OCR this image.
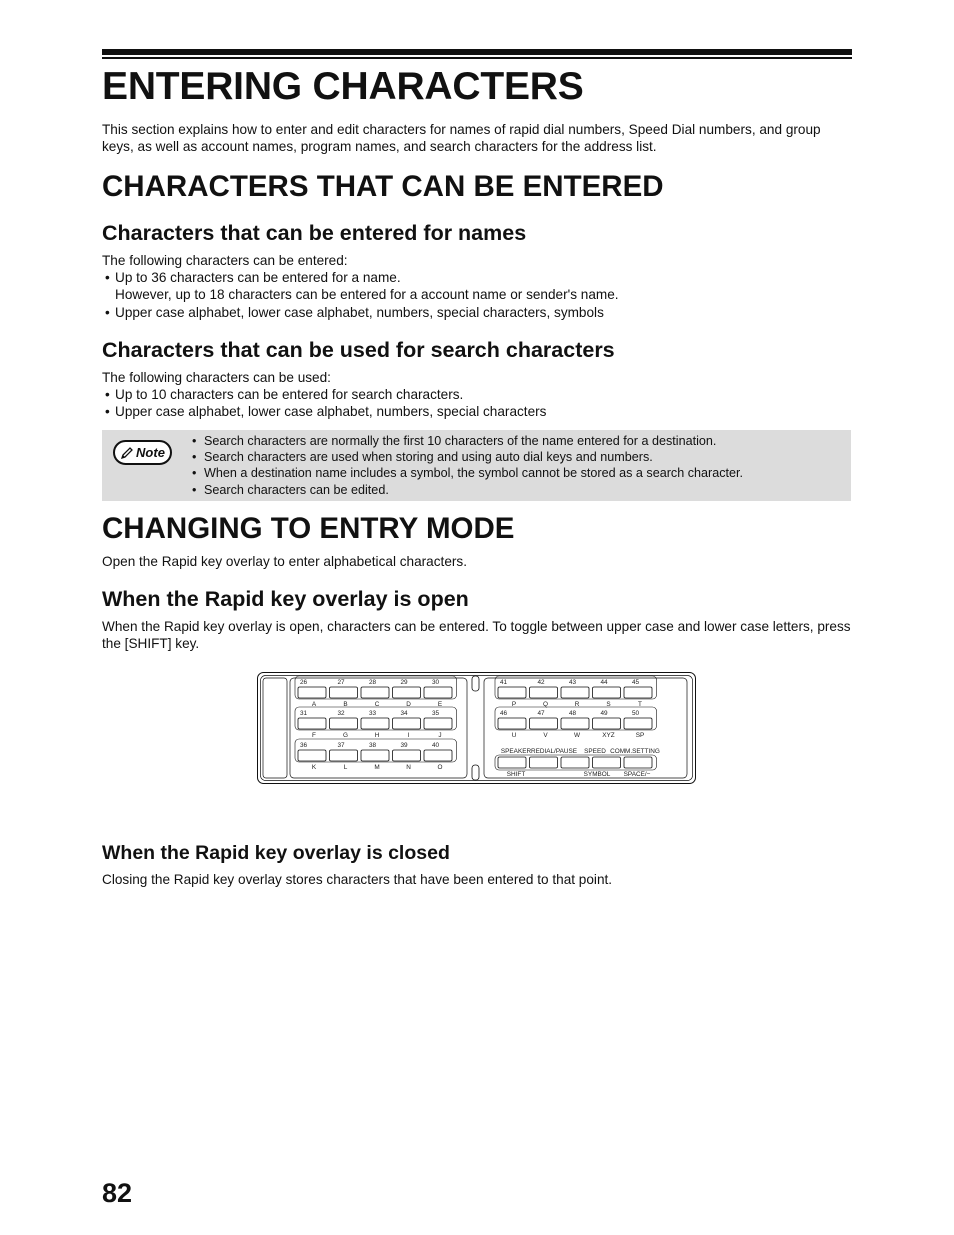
ENTERING CHARACTERS

This section explains how to enter and edit characters for names of rapid dial numbers, Speed Dial numbers, and group keys, as well as account names, program names, and search characters for the address list.

CHARACTERS THAT CAN BE ENTERED
Characters that can be entered for names

The following characters can be entered:

• Up to 36 characters can be entered for a name.
However, up to 18 characters can be entered for a account name or sender's name.
• Upper case alphabet, lower case alphabet, numbers, special characters, symbols
Characters that can be used for search characters

The following characters can be used:

• Up to 10 characters can be entered for search characters.
• Upper case alphabet, lower case alphabet, numbers, special characters
Note
• Search characters are normally the first 10 characters of the name entered for a destination.
• Search characters are used when storing and using auto dial keys and numbers.
• When a destination name includes a symbol, the symbol cannot be stored as a search character.
• Search characters can be edited.
CHANGING TO ENTRY MODE

Open the Rapid key overlay to enter alphabetical characters.

When the Rapid key overlay is open

When the Rapid key overlay is open, characters can be entered. To toggle between upper case and lower case letters, press the [SHIFT] key.

26
A
27
B
28
C
29
D
30
E
31
F
32
G
33
H
34
I
35
J
36
K
37
L
38
M
39
N
40
O
41
P
42
Q
43
R
44
S
45
T
46
U
47
V
48
W
49
XYZ
50
SP
SPEAKER REDIAL/PAUSE SPEED COMM.SETTING
SHIFT	SYMBOL SPACE/−
When the Rapid key overlay is closed

Closing the Rapid key overlay stores characters that have been entered to that point.

82
